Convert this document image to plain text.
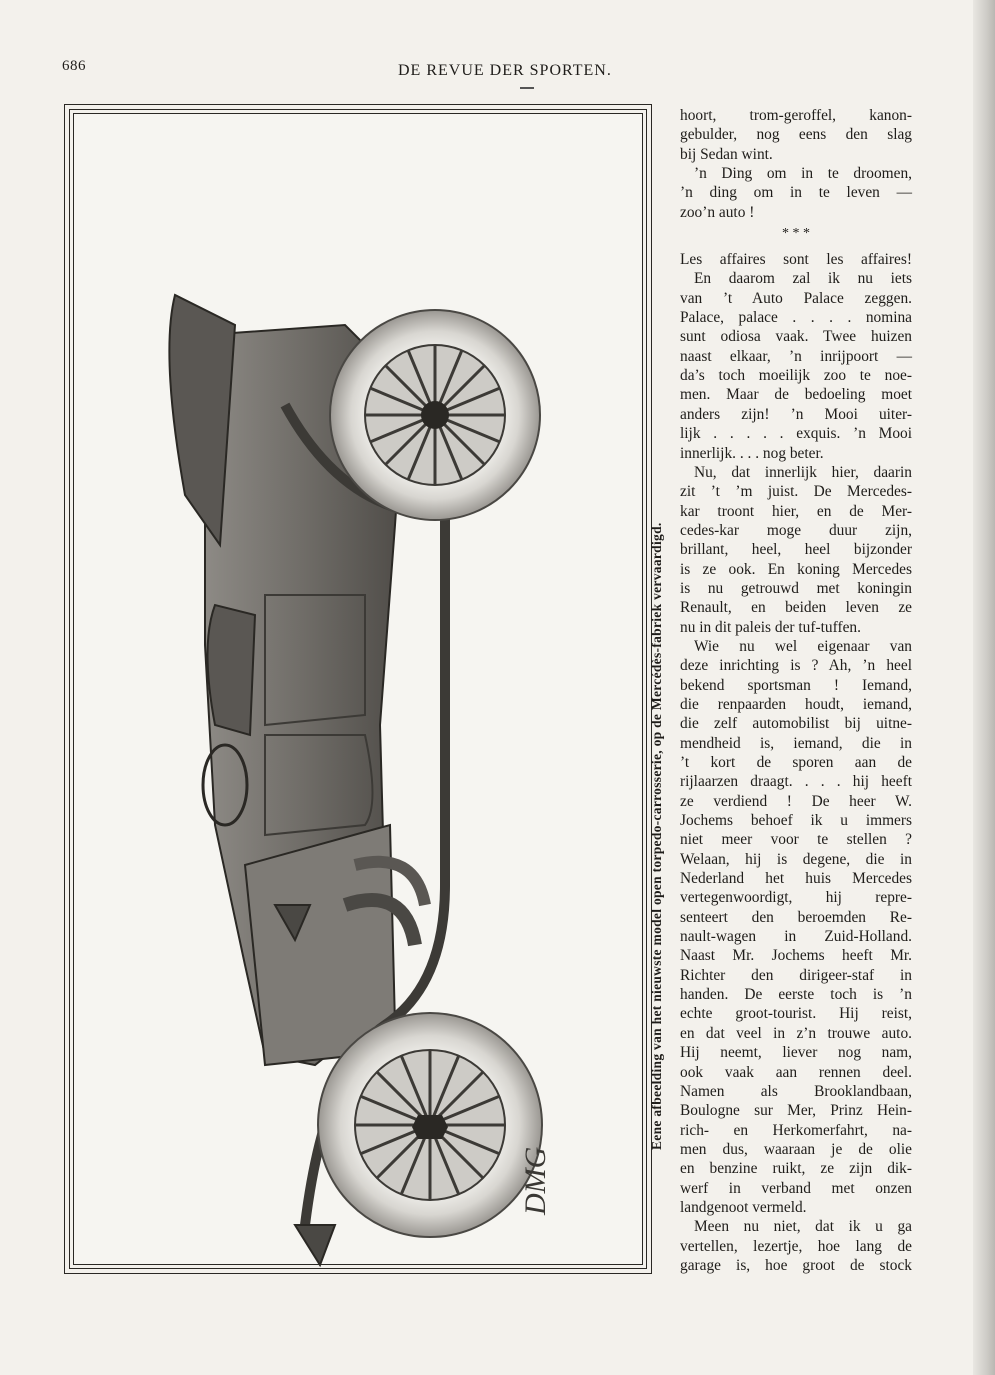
686	DE REVUE DER SPORTEN.
DMG
Eene afbeelding van het nieuwste model open torpedo-carrosserie, op de Mercédès-fabriek vervaardigd.

hoort, trom-geroffel, kanon-

gebulder, nog eens den slag

bij Sedan wint.

’n Ding om in te droomen,

’n ding om in te leven —

zoo’n auto !

* * *

Les affaires sont les affaires!

En daarom zal ik nu iets

van ’t Auto Palace zeggen.

Palace, palace . . . . nomina

sunt odiosa vaak. Twee huizen

naast elkaar, ’n inrijpoort —

da’s toch moeilijk zoo te noe-

men. Maar de bedoeling moet

anders zijn! ’n Mooi uiter-

lijk . . . . . exquis. ’n Mooi

innerlijk. . . . nog beter.

Nu, dat innerlijk hier, daarin

zit ’t ’m juist. De Mercedes-

kar troont hier, en de Mer-

cedes-kar moge duur zijn,

brillant, heel, heel bijzonder

is ze ook. En koning Mercedes

is nu getrouwd met koningin

Renault, en beiden leven ze

nu in dit paleis der tuf-tuffen.

Wie nu wel eigenaar van

deze inrichting is ? Ah, ’n heel

bekend sportsman ! Iemand,

die renpaarden houdt, iemand,

die zelf automobilist bij uitne-

mendheid is, iemand, die in

’t kort de sporen aan de

rijlaarzen draagt. . . . hij heeft

ze verdiend ! De heer W.

Jochems behoef ik u immers

niet meer voor te stellen ?

Welaan, hij is degene, die in

Nederland het huis Mercedes

vertegenwoordigt, hij repre-

senteert den beroemden Re-

nault-wagen in Zuid-Holland.

Naast Mr. Jochems heeft Mr.

Richter den dirigeer-staf in

handen. De eerste toch is ’n

echte groot-tourist. Hij reist,

en dat veel in z’n trouwe auto.

Hij neemt, liever nog nam,

ook vaak aan rennen deel.

Namen als Brooklandbaan,

Boulogne sur Mer, Prinz Hein-

rich- en Herkomerfahrt, na-

men dus, waaraan je de olie

en benzine ruikt, ze zijn dik-

werf in verband met onzen

landgenoot vermeld.

Meen nu niet, dat ik u ga

vertellen, lezertje, hoe lang de

garage is, hoe groot de stock
